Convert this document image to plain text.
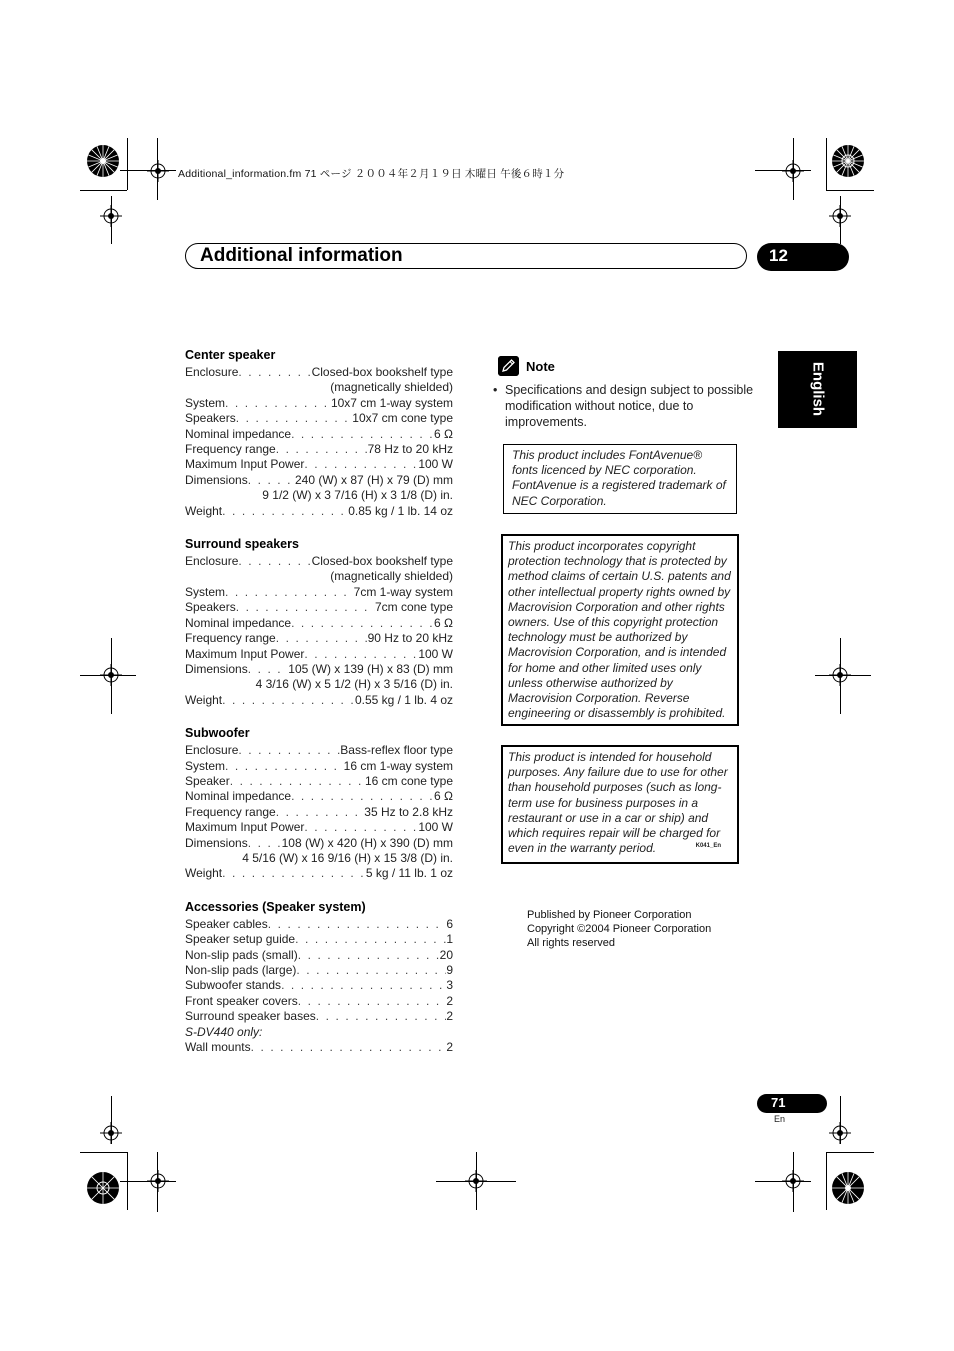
Additional_information.fm 71 ページ ２００４年２月１９日 木曜日 午後６時１分
Additional information	12
English
Center speaker
Enclosure . . .	Closed-box bookshelf type
(magnetically shielded)
System . . .	10x7 cm 1-way system
Speakers . . .	10x7 cm cone type
Nominal impedance . . .	6 Ω
Frequency range . . .	78 Hz to 20 kHz
Maximum Input Power . . .	100 W
Dimensions . . .	240 (W) x 87 (H) x 79 (D) mm
9 1/2 (W) x 3 7/16 (H) x 3 1/8 (D) in.
Weight . . .	0.85 kg / 1 lb. 14 oz
Surround speakers
Enclosure . . .	Closed-box bookshelf type
(magnetically shielded)
System . . .	7cm 1-way system
Speakers . . .	7cm cone type
Nominal impedance . . .	6 Ω
Frequency range . . .	90 Hz to 20 kHz
Maximum Input Power . . .	100 W
Dimensions . . .	105 (W) x 139 (H) x 83 (D) mm
4 3/16 (W) x 5 1/2 (H) x 3 5/16 (D) in.
Weight . . .	0.55 kg / 1 lb. 4 oz
Subwoofer
Enclosure . . .	Bass-reflex floor type
System . . .	16 cm 1-way system
Speaker . . .	16 cm cone type
Nominal impedance . . .	6 Ω
Frequency range . . .	35 Hz to 2.8 kHz
Maximum Input Power . . .	100 W
Dimensions . . .	108 (W) x 420 (H) x 390 (D) mm
4 5/16 (W) x 16 9/16 (H) x 15 3/8 (D) in.
Weight . . .	5 kg / 11 lb. 1 oz
Accessories (Speaker system)
Speaker cables . . .	6
Speaker setup guide . . .	1
Non-slip pads (small) . . .	20
Non-slip pads (large) . . .	9
Subwoofer stands . . .	3
Front speaker covers . . .	2
Surround speaker bases . . .	2
S-DV440 only:
Wall mounts . . .	2
Note
• Specifications and design subject to possible modification without notice, due to improvements.
This product includes FontAvenue® fonts licenced by NEC corporation. FontAvenue is a registered trademark of NEC Corporation.
This product incorporates copyright protection technology that is protected by method claims of certain U.S. patents and other intellectual property rights owned by Macrovision Corporation and other rights owners. Use of this copyright protection technology must be authorized by Macrovision Corporation, and is intended for home and other limited uses only unless otherwise authorized by Macrovision Corporation. Reverse engineering or disassembly is prohibited.
This product is intended for household purposes. Any failure due to use for other than household purposes (such as long-term use for business purposes in a restaurant or use in a car or ship) and which requires repair will be charged for even in the warranty period.	K041_En
Published by Pioneer Corporation
Copyright ©2004 Pioneer Corporation
All rights reserved
71
En
